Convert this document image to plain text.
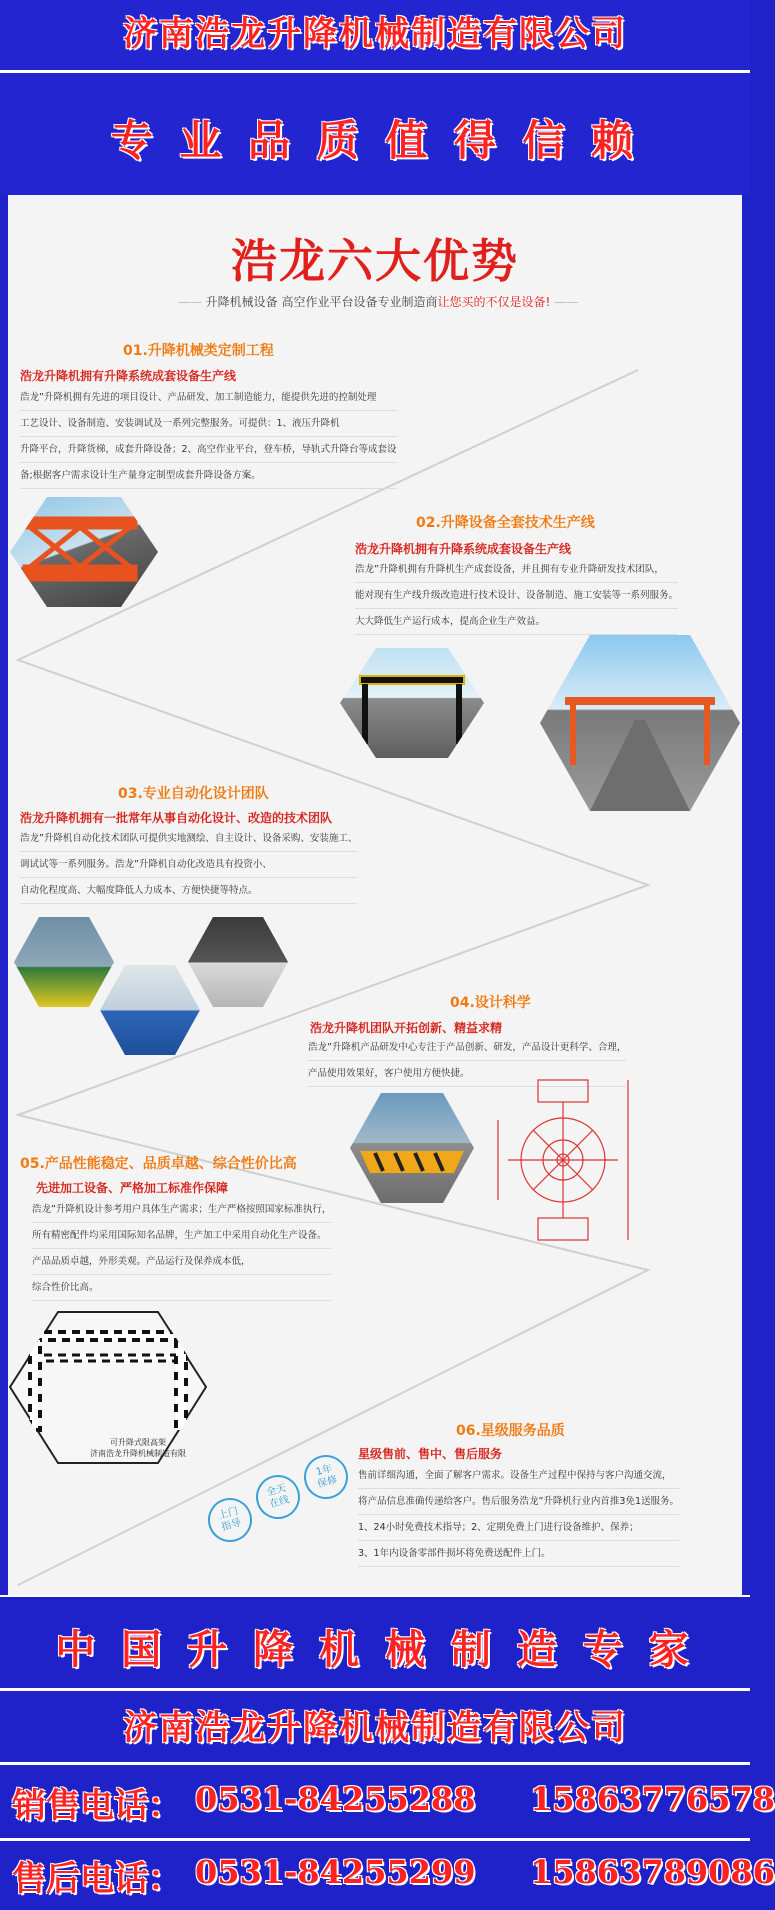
济南浩龙升降机械制造有限公司
专 业 品 质 值 得 信 赖
浩龙六大优势
—— 升降机械设备 高空作业平台设备专业制造商让您买的不仅是设备! ——
01.升降机械类定制工程
浩龙升降机拥有升降系统成套设备生产线
浩龙”升降机拥有先进的项目设计、产品研发、加工制造能力，能提供先进的控制处理
工艺设计、设备制造、安装调试及一系列完整服务。可提供：1、液压升降机
升降平台，升降货梯，成套升降设备；2、高空作业平台，登车桥，导轨式升降台等成套设
备;根据客户需求设计生产量身定制型成套升降设备方案。
02.升降设备全套技术生产线
浩龙升降机拥有升降系统成套设备生产线
浩龙”升降机拥有升降机生产成套设备，并且拥有专业升降研发技术团队，
能对现有生产线升级改造进行技术设计、设备制造、施工安装等一系列服务。
大大降低生产运行成本，提高企业生产效益。
03.专业自动化设计团队
浩龙升降机拥有一批常年从事自动化设计、改造的技术团队
浩龙”升降机自动化技术团队可提供实地测绘、自主设计、设备采购、安装施工、
调试试等一系列服务。浩龙”升降机自动化改造具有投资小、
自动化程度高、大幅度降低人力成本、方便快捷等特点。
04.设计科学
浩龙升降机团队开拓创新、精益求精
浩龙”升降机产品研发中心专注于产品创新、研发，产品设计更科学、合理，
产品使用效果好，客户使用方便快捷。
05.产品性能稳定、品质卓越、综合性价比高
先进加工设备、严格加工标准作保障
浩龙”升降机设计参考用户具体生产需求；生产严格按照国家标准执行，
所有精密配件均采用国际知名品牌，生产加工中采用自动化生产设备。
产品品质卓越，外形美观。产品运行及保养成本低，
综合性价比高。
可升降式限高架
济南浩龙升降机械制造有限
06.星级服务品质
星级售前、售中、售后服务
售前详细沟通，全面了解客户需求。设备生产过程中保持与客户沟通交流，
将产品信息准确传递给客户。售后服务浩龙”升降机行业内首推3免1送服务。
1、24小时免费技术指导；2、定期免费上门进行设备维护、保养；
3、1年内设备零部件损坏将免费送配件上门。
上门
指导
全天
在线
1年
保修
中 国 升 降 机 械 制 造 专 家
济南浩龙升降机械制造有限公司
销售电话： 0531-84255288 15863776578
售后电话： 0531-84255299 15863789086
